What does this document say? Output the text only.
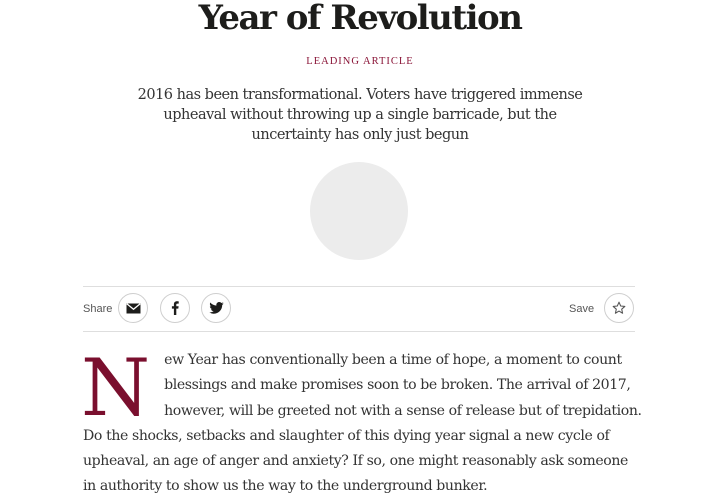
Year of Revolution
LEADING ARTICLE

2016 has been transformational. Voters have triggered immense upheaval without throwing up a single barricade, but the uncertainty has only just begun

Share	Save

New Year has conventionally been a time of hope, a moment to count blessings and make promises soon to be broken. The arrival of 2017, however, will be greeted not with a sense of release but of trepidation. Do the shocks, setbacks and slaughter of this dying year signal a new cycle of upheaval, an age of anger and anxiety? If so, one might reasonably ask someone in authority to show us the way to the underground bunker.
